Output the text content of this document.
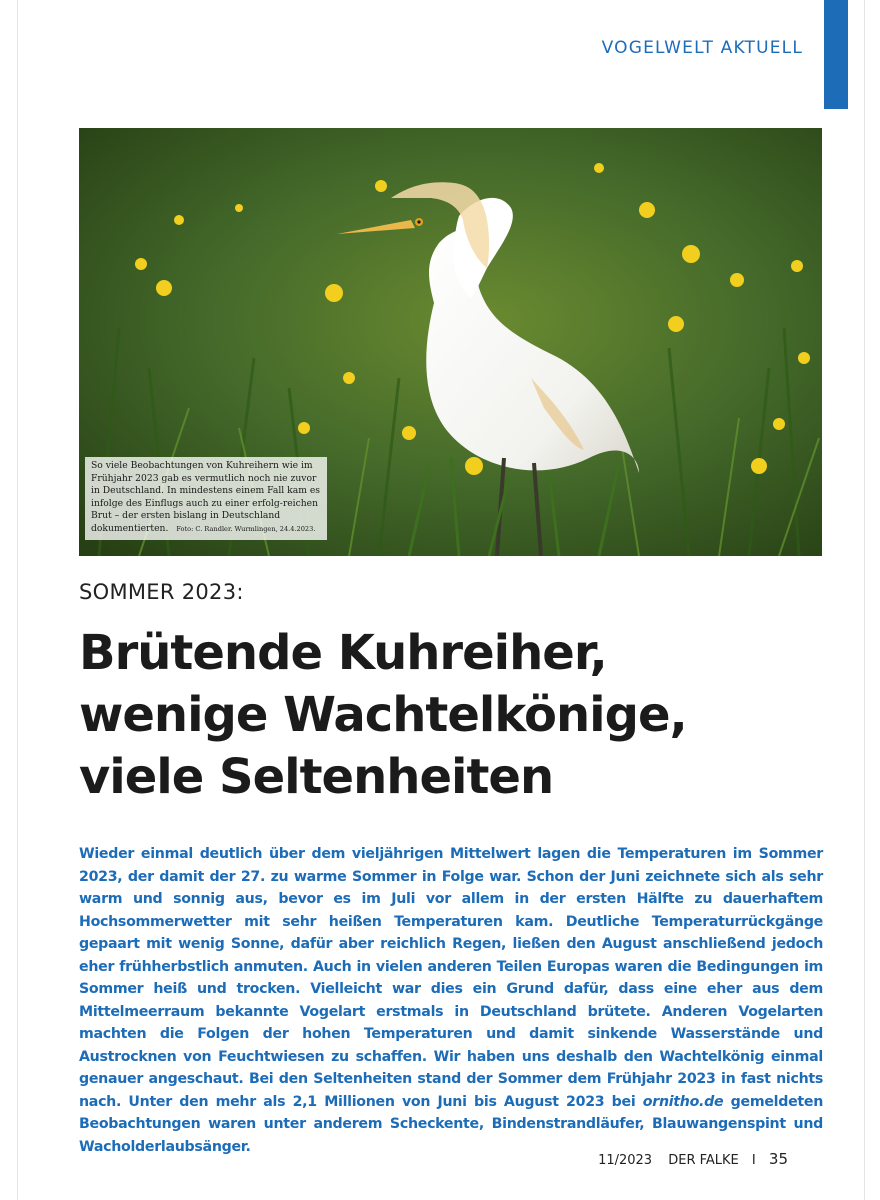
VOGELWELT AKTUELL
So viele Beobachtungen von Kuhreihern wie im Frühjahr 2023 gab es vermutlich noch nie zuvor in Deutschland. In mindestens einem Fall kam es infolge des Einflugs auch zu einer erfolg-reichen Brut – der ersten bislang in Deutschland dokumentierten. Foto: C. Randler. Wurmlingen, 24.4.2023.
SOMMER 2023:
Brütende Kuhreiher,
wenige Wachtelkönige,
viele Seltenheiten

Wieder einmal deutlich über dem vieljährigen Mittelwert lagen die Temperaturen im Sommer 2023, der damit der 27. zu warme Sommer in Folge war. Schon der Juni zeichnete sich als sehr warm und sonnig aus, bevor es im Juli vor allem in der ersten Hälfte zu dauerhaftem Hochsommerwetter mit sehr heißen Temperaturen kam. Deutliche Temperaturrückgänge gepaart mit wenig Sonne, dafür aber reichlich Regen, ließen den August anschließend jedoch eher frühherbstlich anmuten. Auch in vielen anderen Teilen Europas waren die Bedingungen im Sommer heiß und trocken. Vielleicht war dies ein Grund dafür, dass eine eher aus dem Mittelmeerraum bekannte Vogelart erstmals in Deutschland brütete. Anderen Vogelarten machten die Folgen der hohen Temperaturen und damit sinkende Wasserstände und Austrocknen von Feuchtwiesen zu schaffen. Wir haben uns deshalb den Wachtelkönig einmal genauer angeschaut. Bei den Seltenheiten stand der Sommer dem Frühjahr 2023 in fast nichts nach. Unter den mehr als 2,1 Millionen von Juni bis August 2023 bei ornitho.de gemeldeten Beobachtungen waren unter anderem Scheckente, Bindenstrandläufer, Blauwangenspint und Wacholderlaubsänger.

11/2023 DER FALKE I 35
